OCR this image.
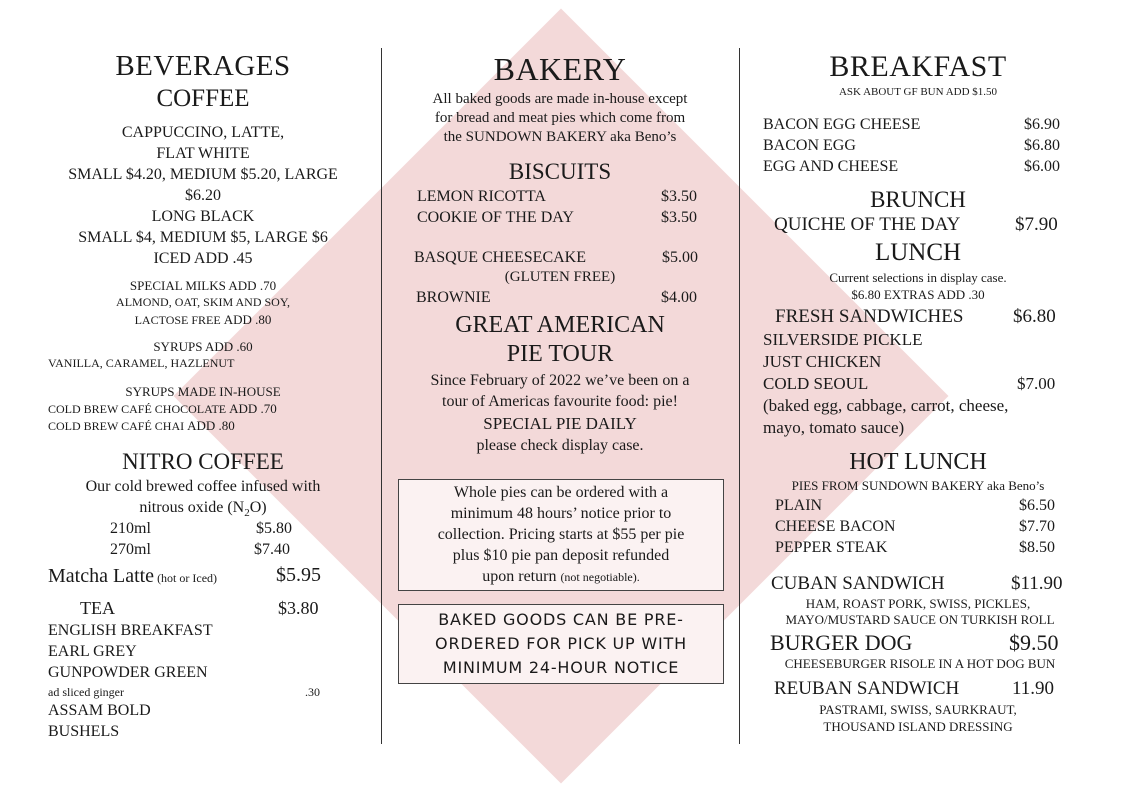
BEVERAGES
COFFEE
CAPPUCCINO, LATTE,
FLAT WHITE
SMALL $4.20, MEDIUM $5.20, LARGE
$6.20
LONG BLACK
SMALL $4, MEDIUM $5, LARGE $6
ICED ADD .45
SPECIAL MILKS ADD .70
ALMOND, OAT, SKIM AND SOY,
LACTOSE FREE ADD .80
SYRUPS ADD .60
VANILLA, CARAMEL, HAZLENUT
SYRUPS MADE IN-HOUSE
COLD BREW CAFÉ CHOCOLATE ADD .70
COLD BREW CAFÉ CHAI ADD .80
NITRO COFFEE
Our cold brewed coffee infused with
nitrous oxide $(N_2O)$
210ml	$5.80
270ml	$7.40
Matcha Latte (hot or Iced)	$5.95
TEA	$3.80
ENGLISH BREAKFAST
EARL GREY
GUNPOWDER GREEN
ad sliced ginger	.30
ASSAM BOLD
BUSHELS
BAKERY
All baked goods are made in-house except
for bread and meat pies which come from
the SUNDOWN BAKERY aka Beno’s
BISCUITS
LEMON RICOTTA	$3.50
COOKIE OF THE DAY	$3.50
BASQUE CHEESECAKE	$5.00
(GLUTEN FREE)
BROWNIE	$4.00
GREAT AMERICAN
PIE TOUR
Since February of 2022 we’ve been on a
tour of Americas favourite food: pie!
SPECIAL PIE DAILY
please check display case.
Whole pies can be ordered with a
minimum 48 hours’ notice prior to
collection. Pricing starts at $55 per pie
plus $10 pie pan deposit refunded
upon return (not negotiable).
BAKED GOODS CAN BE PRE-
ORDERED FOR PICK UP WITH
MINIMUM 24-HOUR NOTICE
BREAKFAST
ASK ABOUT GF BUN ADD $1.50
BACON EGG CHEESE	$6.90
BACON EGG	$6.80
EGG AND CHEESE	$6.00
BRUNCH
QUICHE OF THE DAY	$7.90
LUNCH
Current selections in display case.
$6.80 EXTRAS ADD .30
FRESH SANDWICHES	$6.80
SILVERSIDE PICKLE
JUST CHICKEN
COLD SEOUL	$7.00
(baked egg, cabbage, carrot, cheese,
mayo, tomato sauce)
HOT LUNCH
PIES FROM SUNDOWN BAKERY aka Beno’s
PLAIN	$6.50
CHEESE BACON	$7.70
PEPPER STEAK	$8.50
CUBAN SANDWICH	$11.90
HAM, ROAST PORK, SWISS, PICKLES,
MAYO/MUSTARD SAUCE ON TURKISH ROLL
BURGER DOG	$9.50
CHEESEBURGER RISOLE IN A HOT DOG BUN
REUBAN SANDWICH	11.90
PASTRAMI, SWISS, SAURKRAUT,
THOUSAND ISLAND DRESSING
